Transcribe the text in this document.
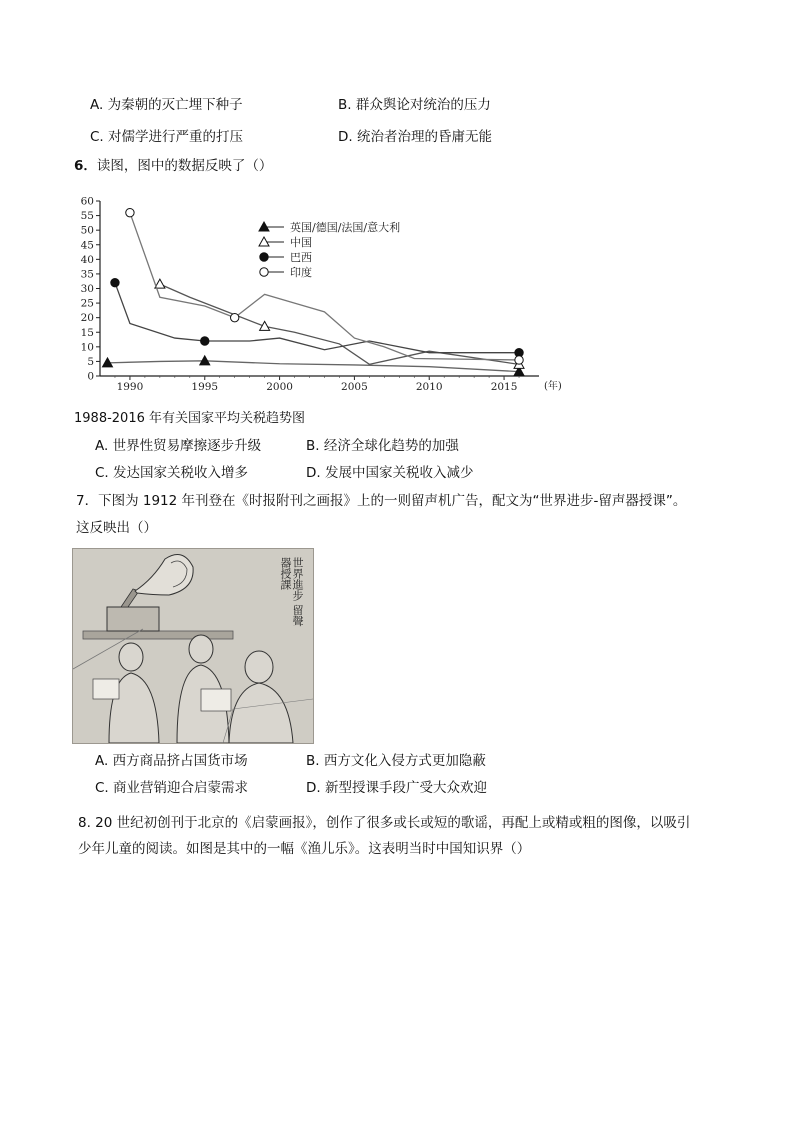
A. 为秦朝的灭亡埋下种子	B. 群众舆论对统治的压力
C. 对儒学进行严重的打压	D. 统治者治理的昏庸无能
6．读图，图中的数据反映了（）
0
5
10
15
20
25
30
35
40
45
50
55
60
1990	1995	2000	2005	2010	2015	(年)
英国/德国/法国/意大利
中国
巴西
印度
1988-2016 年有关国家平均关税趋势图
A. 世界性贸易摩擦逐步升级	B. 经济全球化趋势的加强
C. 发达国家关税收入增多	D. 发展中国家关税收入减少
7．下图为 1912 年刊登在《时报附刊之画报》上的一则留声机广告，配文为“世界进步-留声器授课”。
这反映出（）
世界進步 留聲器授課
A. 西方商品挤占国货市场	B. 西方文化入侵方式更加隐蔽
C. 商业营销迎合启蒙需求	D. 新型授课手段广受大众欢迎
8. 20 世纪初创刊于北京的《启蒙画报》，创作了很多或长或短的歌谣，再配上或精或粗的图像，以吸引
少年儿童的阅读。如图是其中的一幅《渔儿乐》。这表明当时中国知识界（）
